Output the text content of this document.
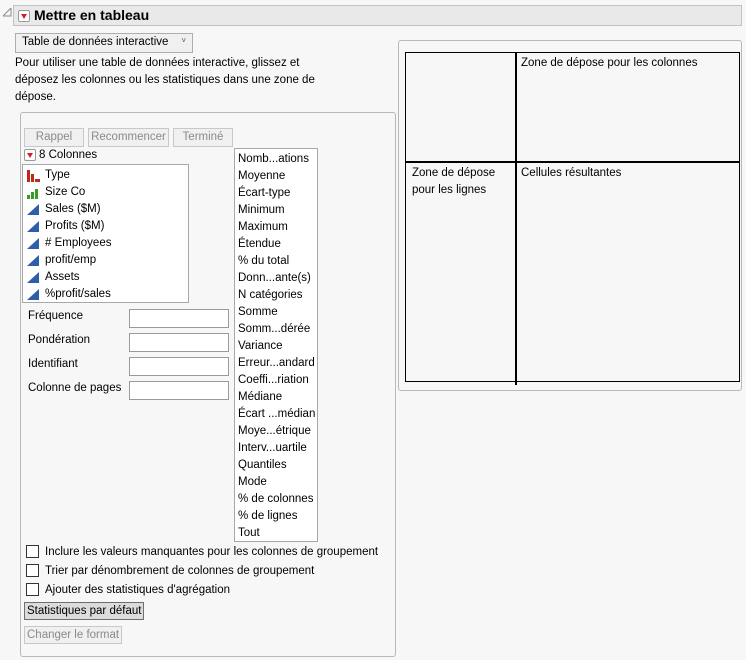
Mettre en tableau
Table de données interactive ˅
Pour utiliser une table de données interactive, glissez et déposez les colonnes ou les statistiques dans une zone de dépose.
Rappel	Recommencer	Terminé
8 Colonnes
Type
Size Co
Sales ($M)
Profits ($M)
# Employees
profit/emp
Assets
%profit/sales
Fréquence
Pondération
Identifiant
Colonne de pages
Nomb...ations
Moyenne
Écart-type
Minimum
Maximum
Étendue
% du total
Donn...ante(s)
N catégories
Somme
Somm...dérée
Variance
Erreur...andard
Coeffi...riation
Médiane
Écart ...médian
Moye...étrique
Interv...uartile
Quantiles
Mode
% de colonnes
% de lignes
Tout
Inclure les valeurs manquantes pour les colonnes de groupement
Trier par dénombrement de colonnes de groupement
Ajouter des statistiques d'agrégation
Statistiques par défaut
Changer le format
Zone de dépose pour les colonnes
Zone de dépose pour les lignes
Cellules résultantes
